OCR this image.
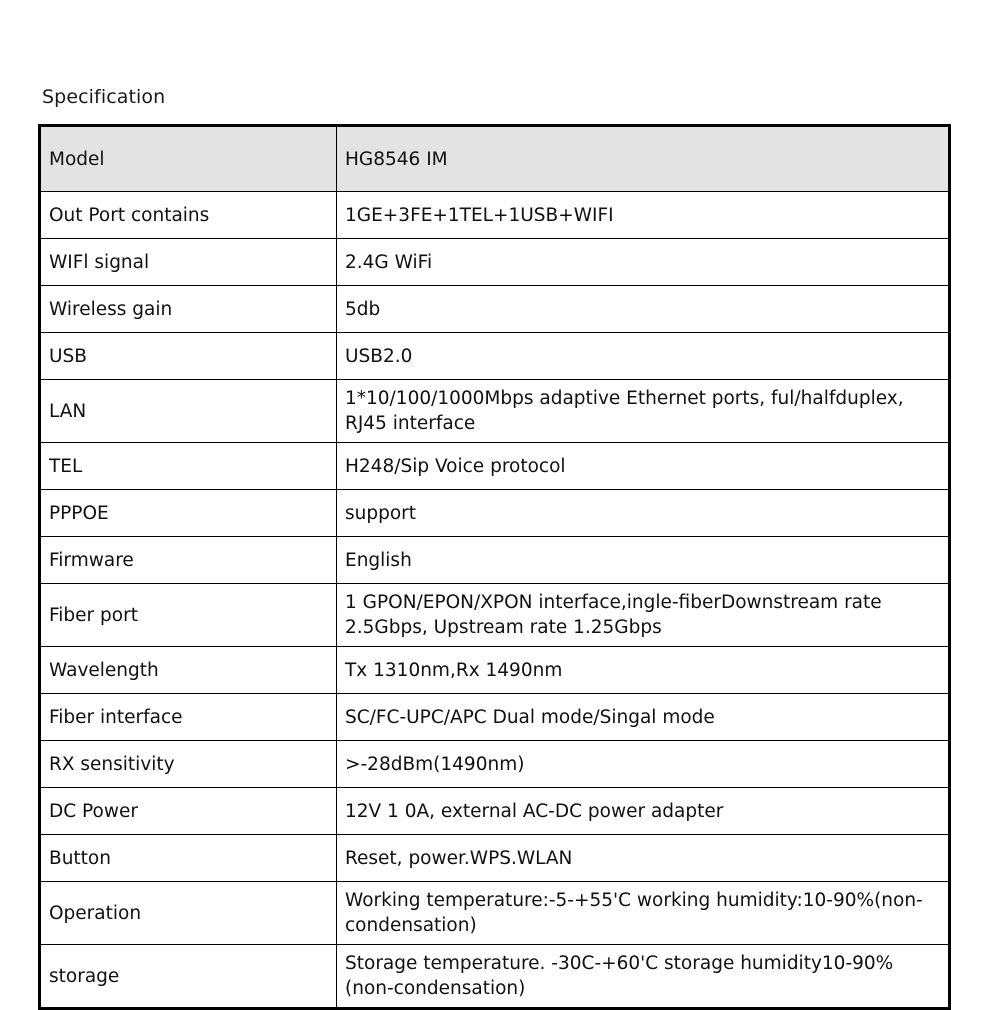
Specification
Model	HG8546 IM
Out Port contains	1GE+3FE+1TEL+1USB+WIFI
WIFl signal	2.4G WiFi
Wireless gain	5db
USB	USB2.0
LAN	1*10/100/1000Mbps adaptive Ethernet ports, ful/halfduplex, RJ45 interface
TEL	H248/Sip Voice protocol
PPPOE	support
Firmware	English
Fiber port	1 GPON/EPON/XPON interface,ingle-fiberDownstream rate 2.5Gbps, Upstream rate 1.25Gbps
Wavelength	Tx 1310nm,Rx 1490nm
Fiber interface	SC/FC-UPC/APC Dual mode/Singal mode
RX sensitivity	>-28dBm(1490nm)
DC Power	12V 1 0A, external AC-DC power adapter
Button	Reset, power.WPS.WLAN
Operation	Working temperature:-5-+55'C working humidity:10-90%(non-condensation)
storage	Storage temperature. -30C-+60'C storage humidity10-90%(non-condensation)
